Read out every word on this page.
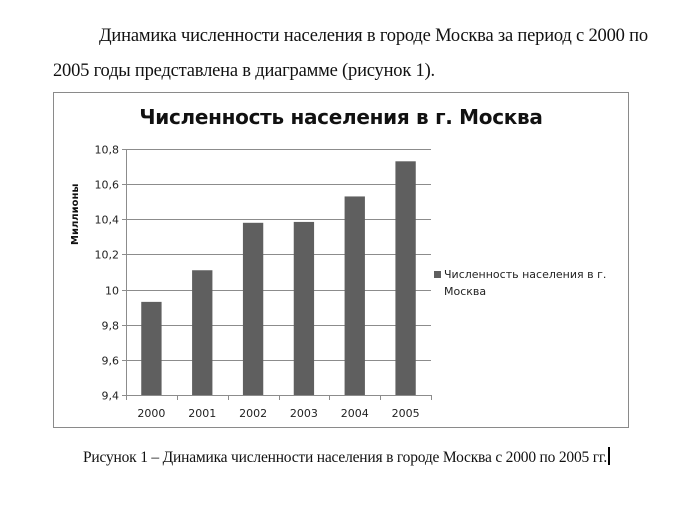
Динамика численности населения в городе Москва за период с 2000 по
2005 годы представлена в диаграмме (рисунок 1).
Численность населения в г. Москва
Миллионы
9,4
9,6
9,8
10
10,2
10,4
10,6
10,8
2000 2001 2002 2003 2004 2005
Численность населения в г.
Москва
Рисунок 1 – Динамика численности населения в городе Москва с 2000 по 2005 гг.
